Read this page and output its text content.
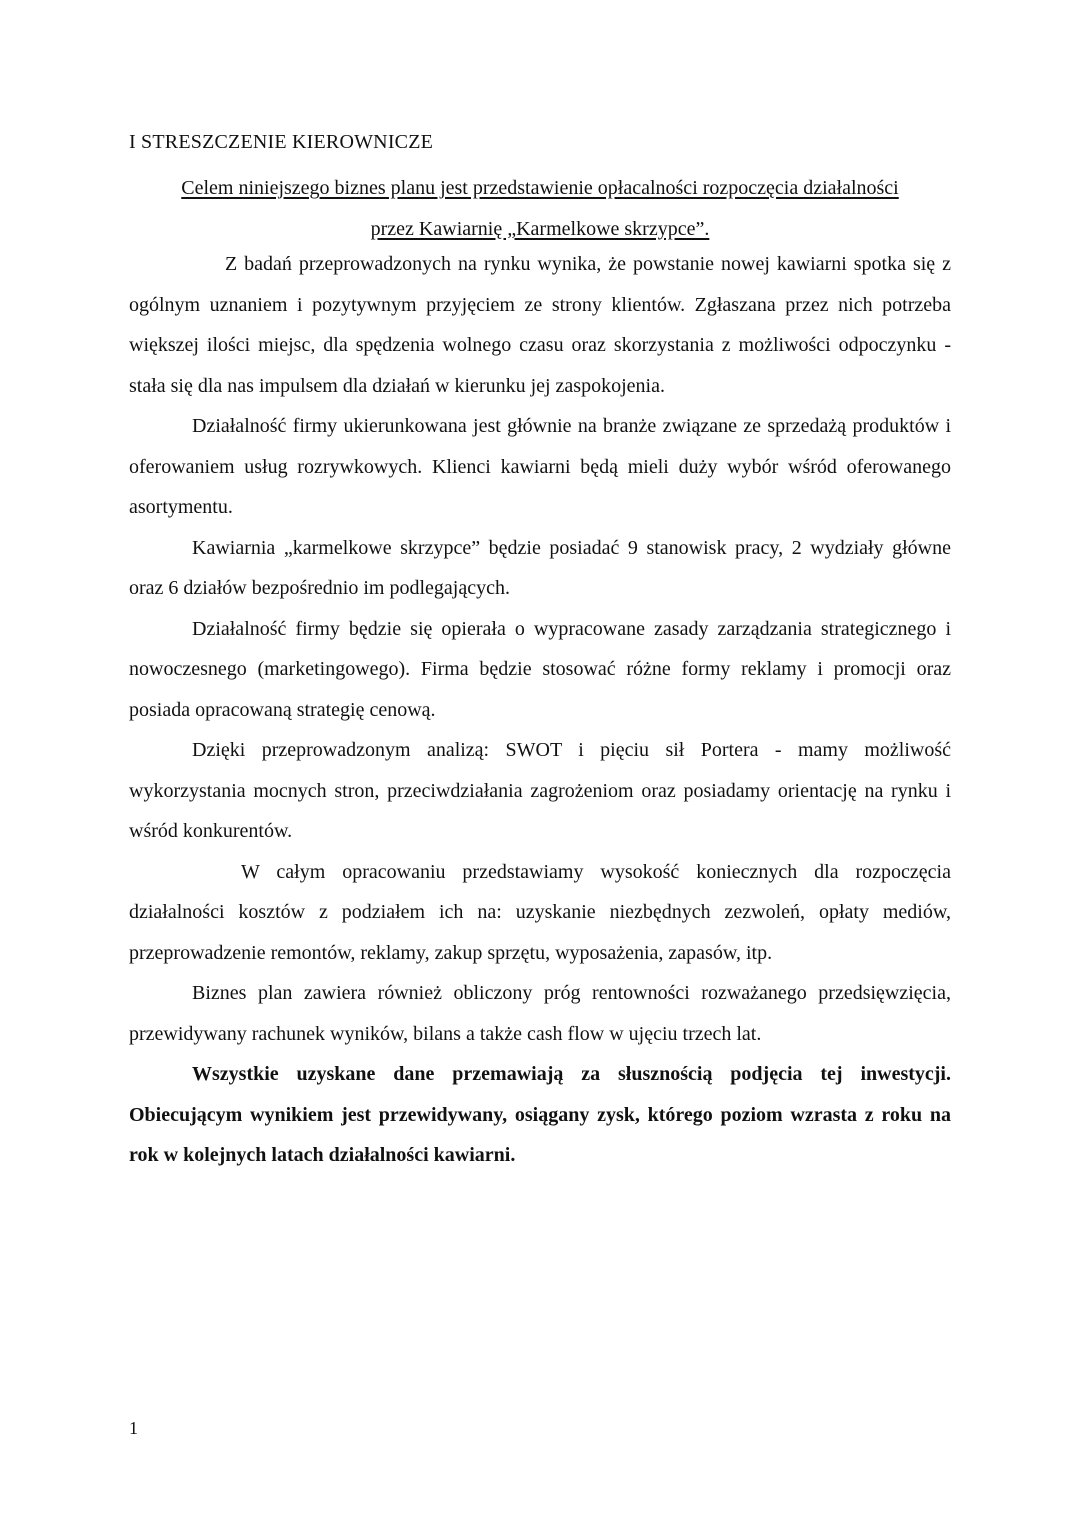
I STRESZCZENIE KIEROWNICZE

Celem niniejszego biznes planu jest przedstawienie opłacalności rozpoczęcia działalności
przez Kawiarnię „Karmelkowe skrzypce”.

Z badań przeprowadzonych na rynku wynika, że powstanie nowej kawiarni spotka się z ogólnym uznaniem i pozytywnym przyjęciem ze strony klientów. Zgłaszana przez nich potrzeba większej ilości miejsc, dla spędzenia wolnego czasu oraz skorzystania z możliwości odpoczynku - stała się dla nas impulsem dla działań w kierunku jej zaspokojenia.

Działalność firmy ukierunkowana jest głównie na branże związane ze sprzedażą produktów i oferowaniem usług rozrywkowych. Klienci kawiarni będą mieli duży wybór wśród oferowanego asortymentu.

Kawiarnia „karmelkowe skrzypce” będzie posiadać 9 stanowisk pracy, 2 wydziały główne oraz 6 działów bezpośrednio im podlegających.

Działalność firmy będzie się opierała o wypracowane zasady zarządzania strategicznego i nowoczesnego (marketingowego). Firma będzie stosować różne formy reklamy i promocji oraz posiada opracowaną strategię cenową.

Dzięki przeprowadzonym analizą: SWOT i pięciu sił Portera - mamy możliwość wykorzystania mocnych stron, przeciwdziałania zagrożeniom oraz posiadamy orientację na rynku i wśród konkurentów.

W całym opracowaniu przedstawiamy wysokość koniecznych dla rozpoczęcia działalności kosztów z podziałem ich na: uzyskanie niezbędnych zezwoleń, opłaty mediów, przeprowadzenie remontów, reklamy, zakup sprzętu, wyposażenia, zapasów, itp.

Biznes plan zawiera również obliczony próg rentowności rozważanego przedsięwzięcia, przewidywany rachunek wyników, bilans a także cash flow w ujęciu trzech lat.

Wszystkie uzyskane dane przemawiają za słusznością podjęcia tej inwestycji. Obiecującym wynikiem jest przewidywany, osiągany zysk, którego poziom wzrasta z roku na rok w kolejnych latach działalności kawiarni.

1
